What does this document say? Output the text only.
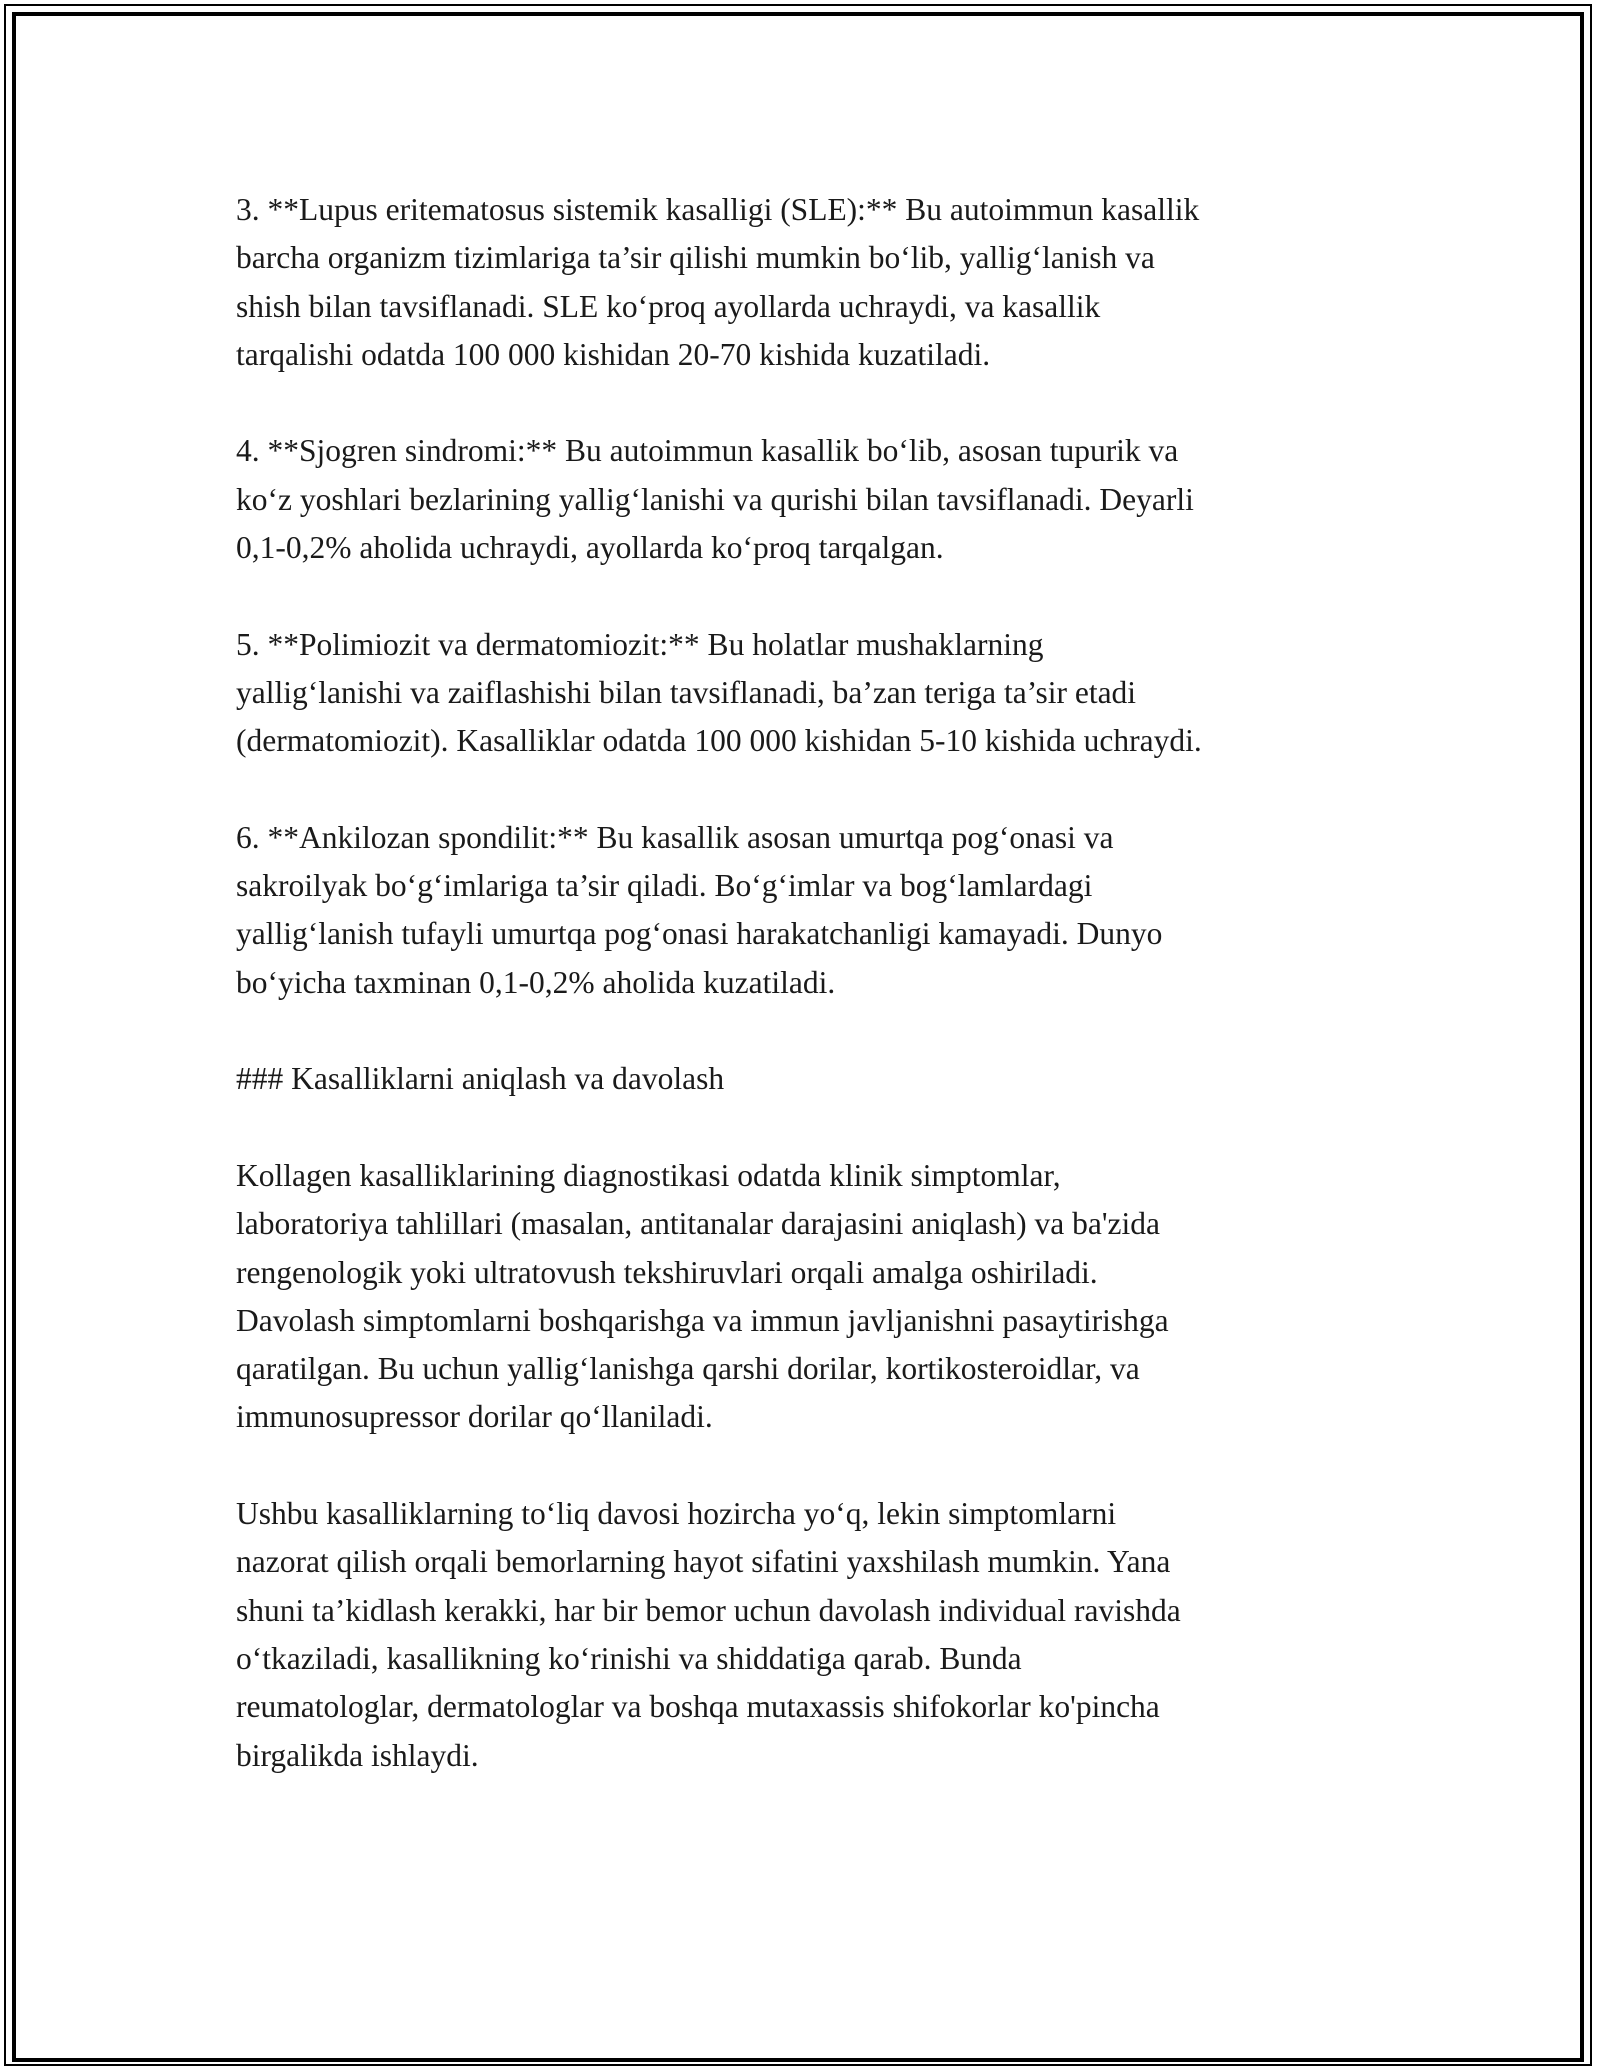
3. **Lupus eritematosus sistemik kasalligi (SLE):** Bu autoimmun kasallik
barcha organizm tizimlariga ta’sir qilishi mumkin bo‘lib, yallig‘lanish va
shish bilan tavsiflanadi. SLE ko‘proq ayollarda uchraydi, va kasallik
tarqalishi odatda 100 000 kishidan 20-70 kishida kuzatiladi.
4. **Sjogren sindromi:** Bu autoimmun kasallik bo‘lib, asosan tupurik va
ko‘z yoshlari bezlarining yallig‘lanishi va qurishi bilan tavsiflanadi. Deyarli
0,1-0,2% aholida uchraydi, ayollarda ko‘proq tarqalgan.
5. **Polimiozit va dermatomiozit:** Bu holatlar mushaklarning
yallig‘lanishi va zaiflashishi bilan tavsiflanadi, ba’zan teriga ta’sir etadi
(dermatomiozit). Kasalliklar odatda 100 000 kishidan 5-10 kishida uchraydi.
6. **Ankilozan spondilit:** Bu kasallik asosan umurtqa pog‘onasi va
sakroilyak bo‘g‘imlariga ta’sir qiladi. Bo‘g‘imlar va bog‘lamlardagi
yallig‘lanish tufayli umurtqa pog‘onasi harakatchanligi kamayadi. Dunyo
bo‘yicha taxminan 0,1-0,2% aholida kuzatiladi.
### Kasalliklarni aniqlash va davolash
Kollagen kasalliklarining diagnostikasi odatda klinik simptomlar,
laboratoriya tahlillari (masalan, antitanalar darajasini aniqlash) va ba'zida
rengenologik yoki ultratovush tekshiruvlari orqali amalga oshiriladi.
Davolash simptomlarni boshqarishga va immun javljanishni pasaytirishga
qaratilgan. Bu uchun yallig‘lanishga qarshi dorilar, kortikosteroidlar, va
immunosupressor dorilar qo‘llaniladi.
Ushbu kasalliklarning to‘liq davosi hozircha yo‘q, lekin simptomlarni
nazorat qilish orqali bemorlarning hayot sifatini yaxshilash mumkin. Yana
shuni ta’kidlash kerakki, har bir bemor uchun davolash individual ravishda
o‘tkaziladi, kasallikning ko‘rinishi va shiddatiga qarab. Bunda
reumatologlar, dermatologlar va boshqa mutaxassis shifokorlar ko'pincha
birgalikda ishlaydi.
